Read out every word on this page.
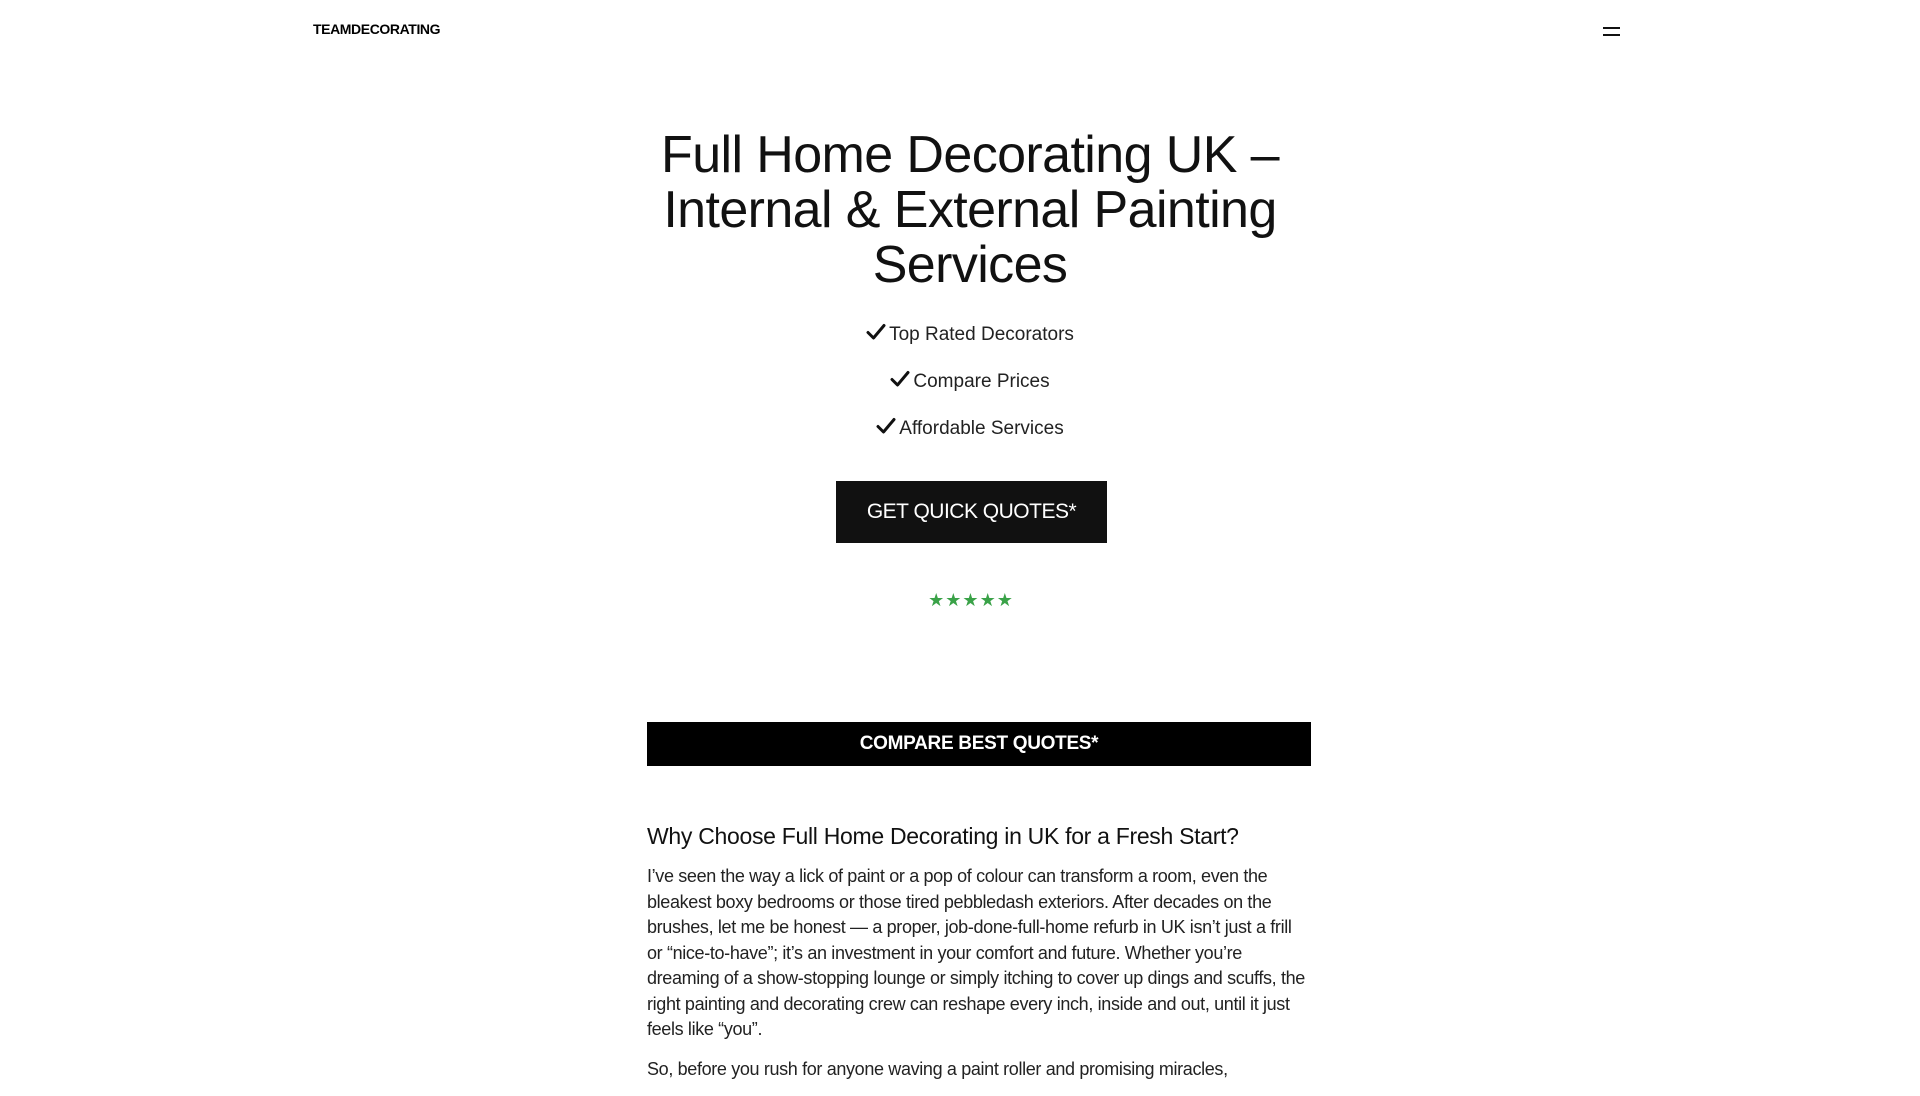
TEAMDECORATING
Full Home Decorating UK – Internal & External Painting Services
Top Rated Decorators
Compare Prices
Affordable Services
GET QUICK QUOTES*
★★★★★
COMPARE BEST QUOTES*
Why Choose Full Home Decorating in UK for a Fresh Start?

I’ve seen the way a lick of paint or a pop of colour can transform a room, even the bleakest boxy bedrooms or those tired pebbledash exteriors. After decades on the brushes, let me be honest — a proper, job-done-full-home refurb in UK isn’t just a frill or “nice-to-have”; it’s an investment in your comfort and future. Whether you’re dreaming of a show-stopping lounge or simply itching to cover up dings and scuffs, the right painting and decorating crew can reshape every inch, inside and out, until it just feels like “you”.

So, before you rush for anyone waving a paint roller and promising miracles,
